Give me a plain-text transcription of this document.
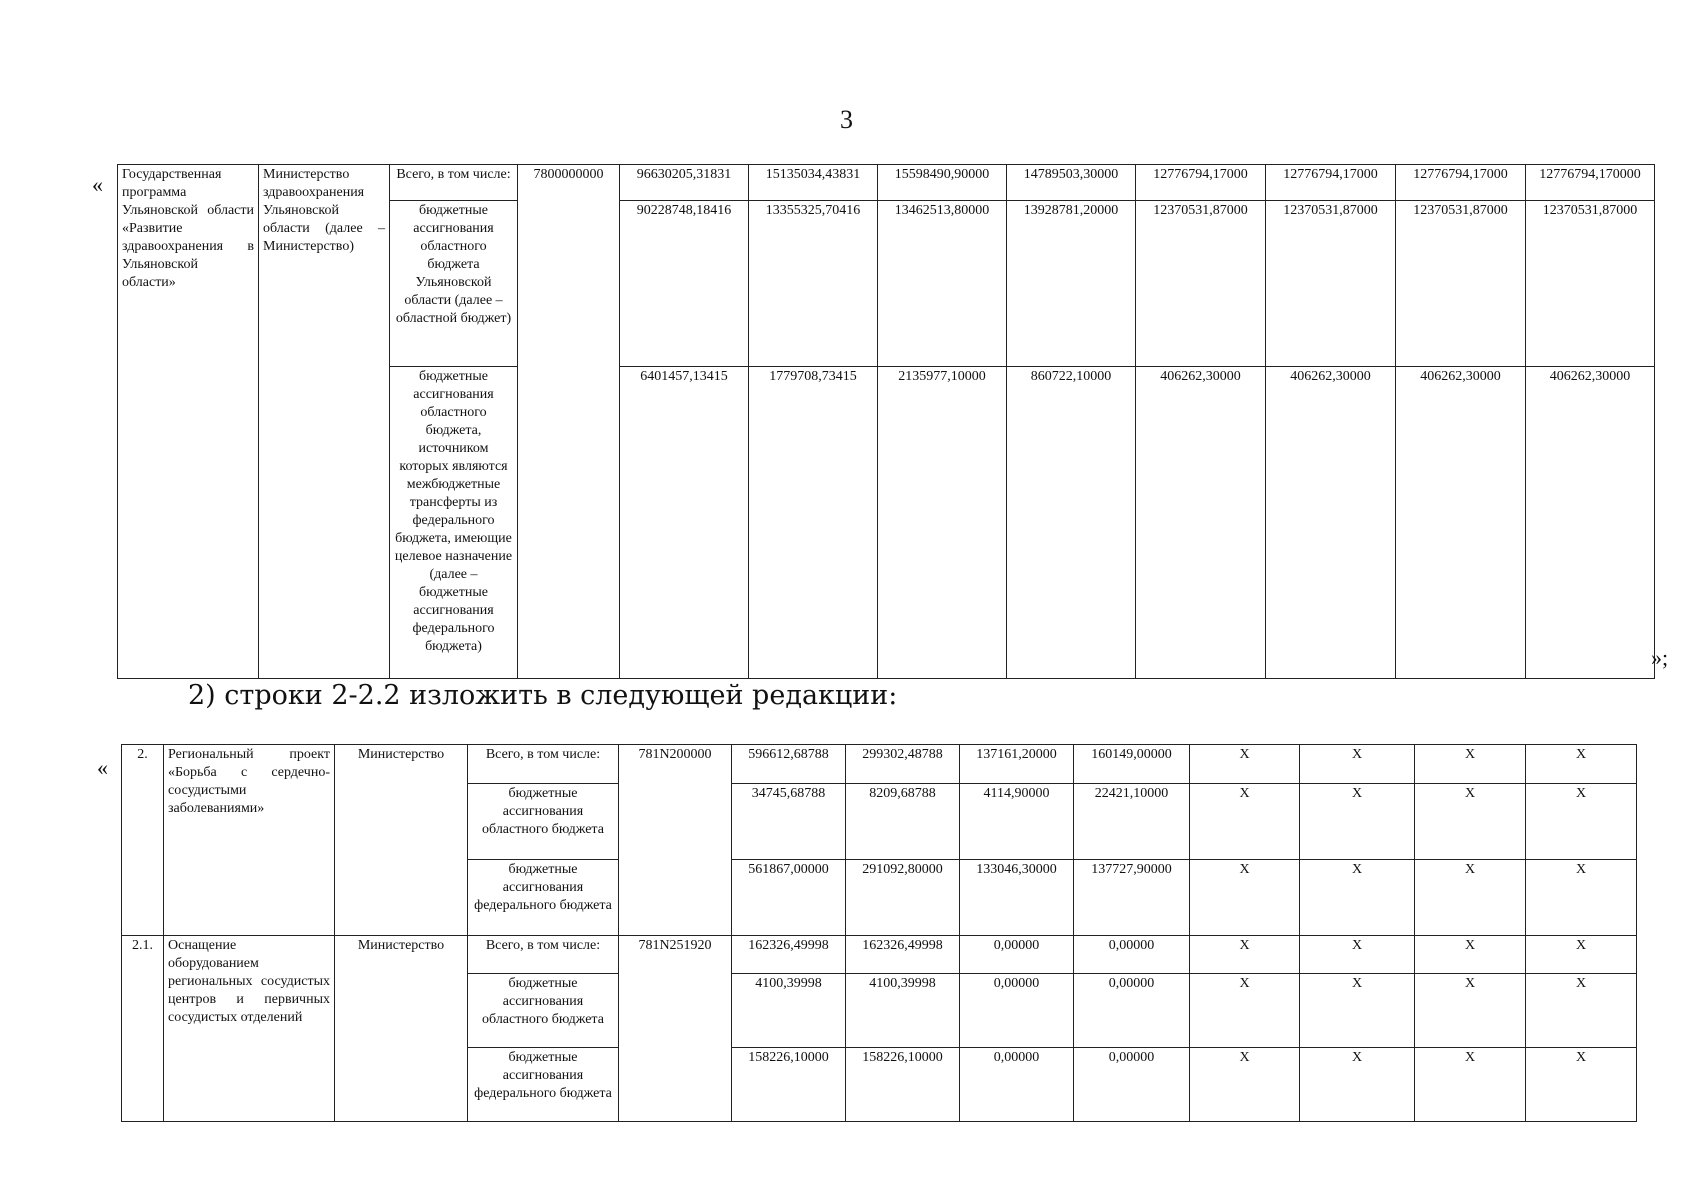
3
« Государственная программа Ульяновской области «Развитие здравоохранения в Ульяновской области»	Министерство здравоохранения Ульяновской области (далее – Министерство)	Всего, в том числе:	7800000000	96630205,31831	15135034,43831	15598490,90000	14789503,30000	12776794,17000	12776794,17000	12776794,17000	12776794,170000
		бюджетные ассигнования областного бюджета Ульяновской области (далее – областной бюджет)		90228748,18416	13355325,70416	13462513,80000	13928781,20000	12370531,87000	12370531,87000	12370531,87000	12370531,87000
		бюджетные ассигнования областного бюджета, источником которых являются межбюджетные трансферты из федерального бюджета, имеющие целевое назначение (далее – бюджетные ассигнования федерального бюджета)		6401457,13415	1779708,73415	2135977,10000	860722,10000	406262,30000	406262,30000	406262,30000	406262,30000
»;
2) строки 2-2.2 изложить в следующей редакции:
«
2.	Региональный проект «Борьба с сердечно-сосудистыми заболеваниями»	Министерство	Всего, в том числе:	781N200000	596612,68788	299302,48788	137161,20000	160149,00000	X	X	X	X
			бюджетные ассигнования областного бюджета		34745,68788	8209,68788	4114,90000	22421,10000	X	X	X	X
			бюджетные ассигнования федерального бюджета		561867,00000	291092,80000	133046,30000	137727,90000	X	X	X	X
2.1.	Оснащение оборудованием региональных сосудистых центров и первичных сосудистых отделений	Министерство	Всего, в том числе:	781N251920	162326,49998	162326,49998	0,00000	0,00000	X	X	X	X
			бюджетные ассигнования областного бюджета		4100,39998	4100,39998	0,00000	0,00000	X	X	X	X
			бюджетные ассигнования федерального бюджета		158226,10000	158226,10000	0,00000	0,00000	X	X	X	X
